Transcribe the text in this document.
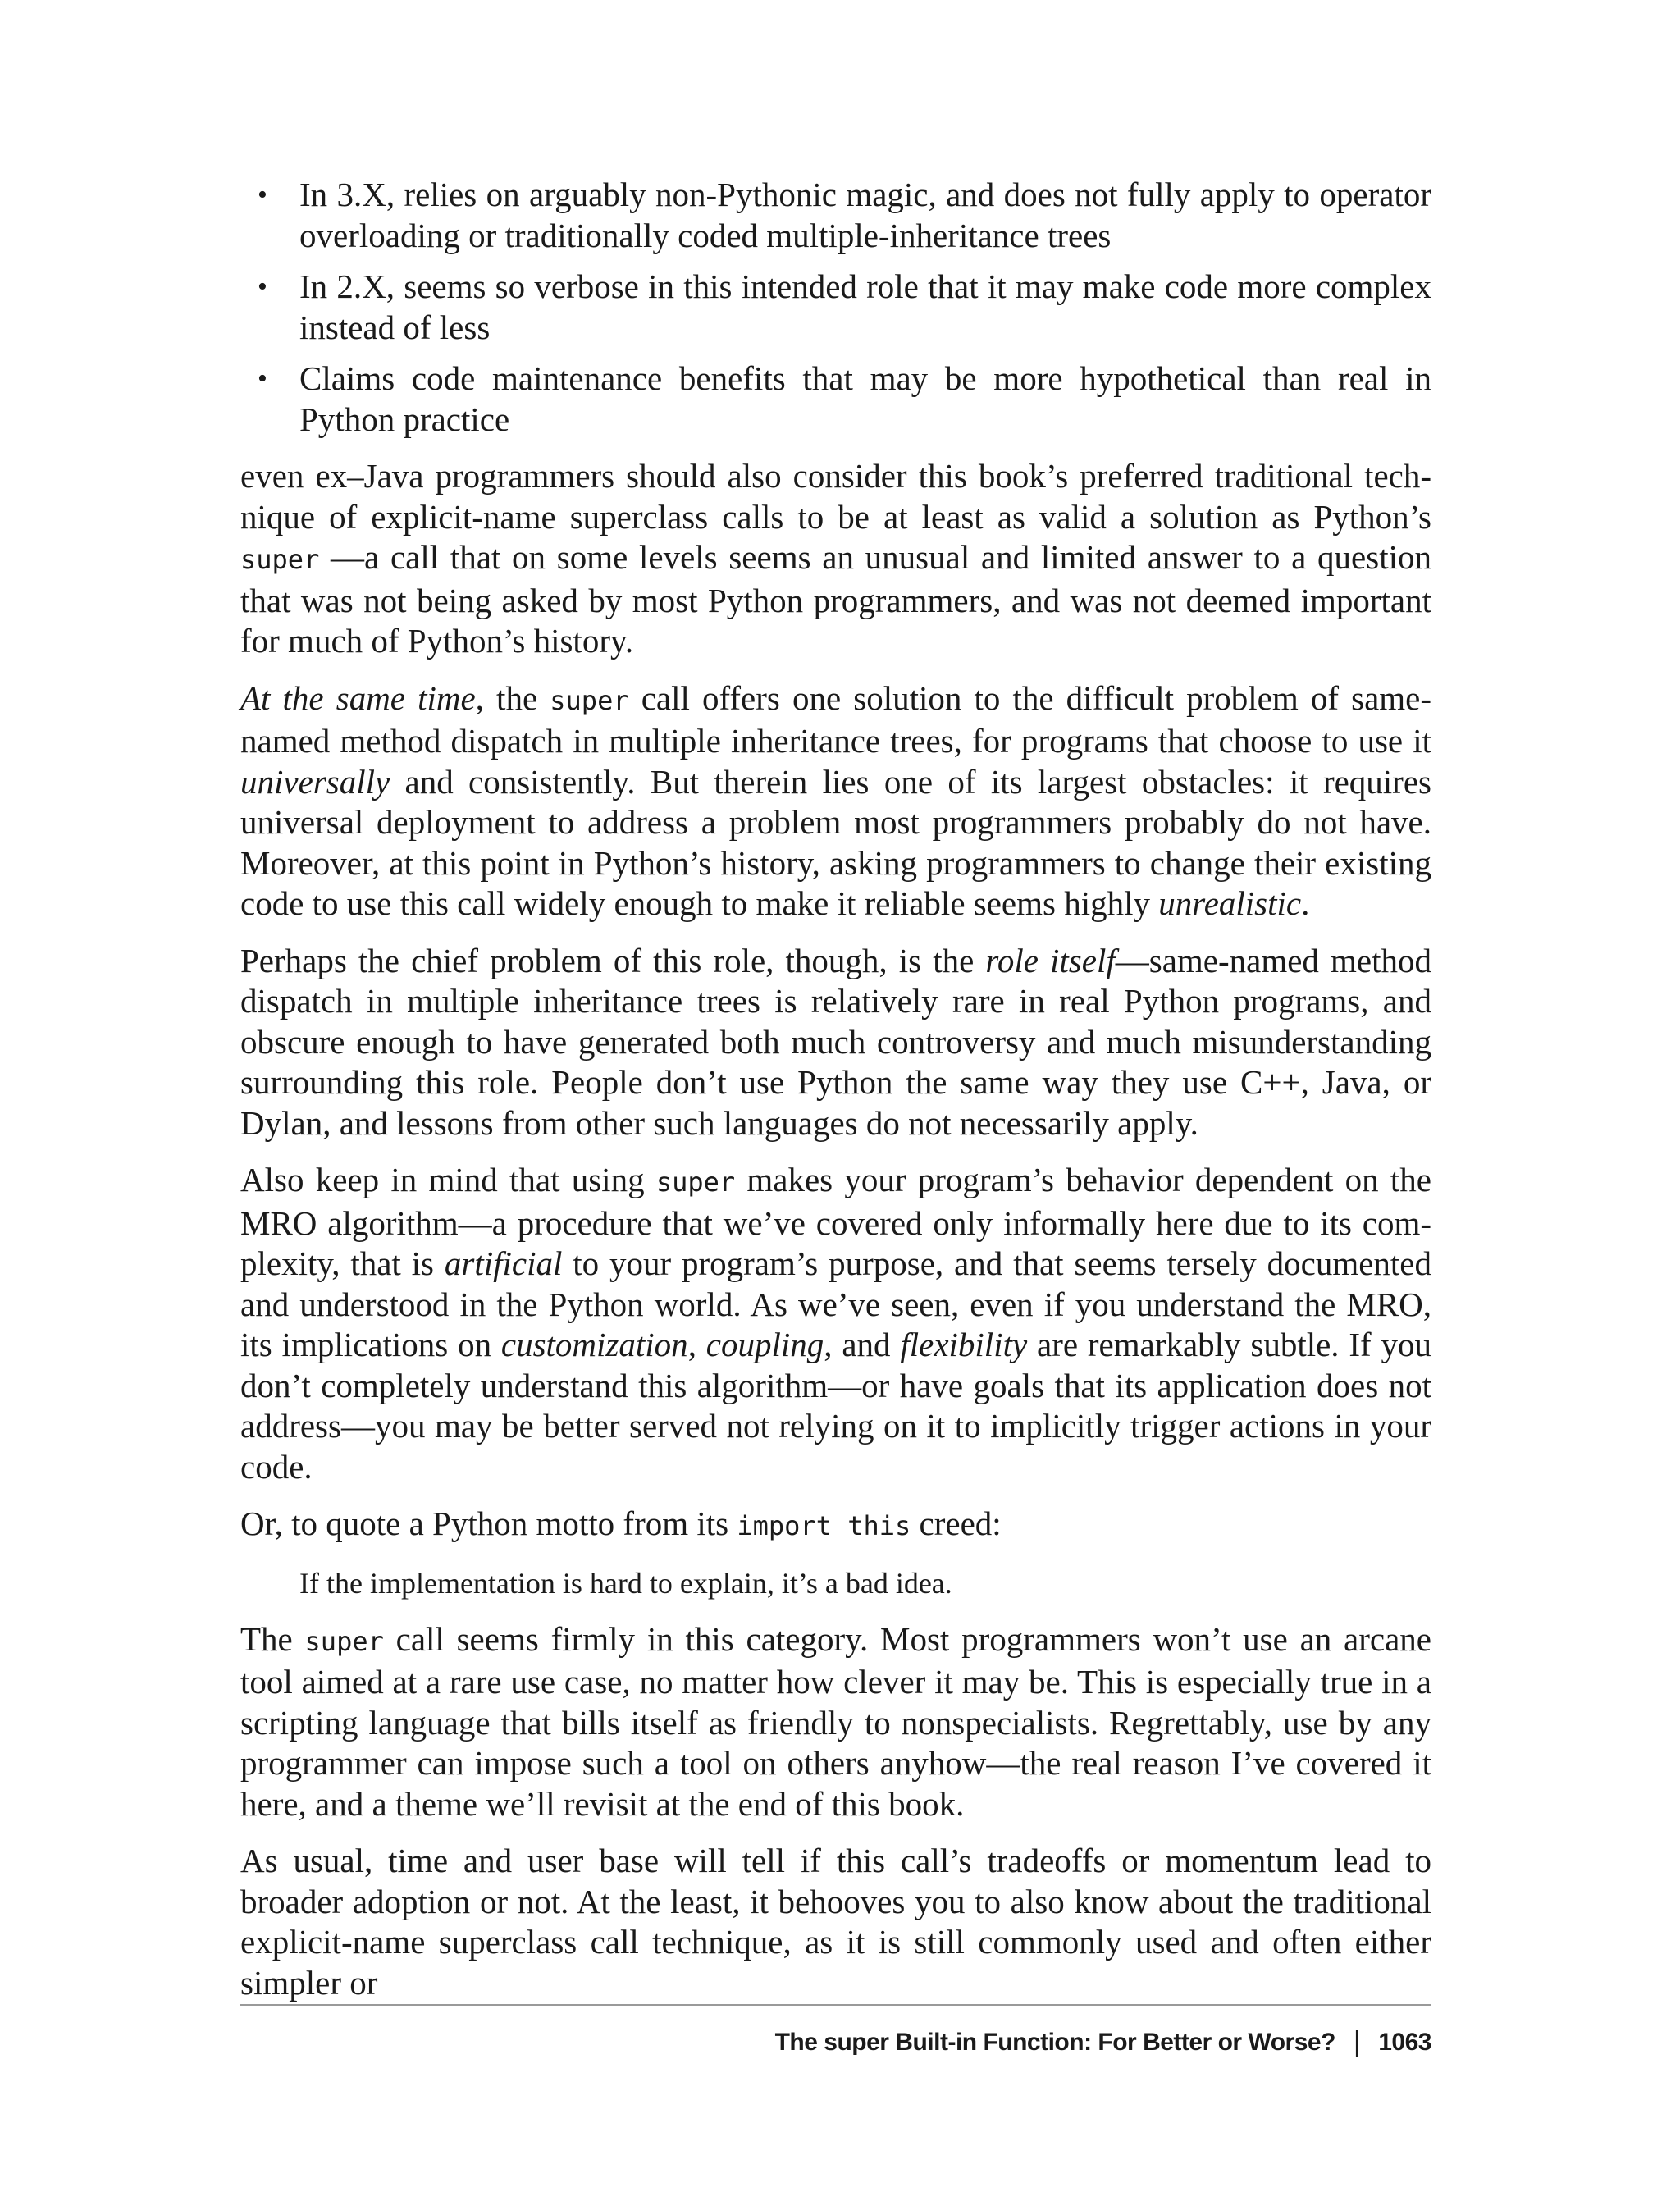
• In 3.X, relies on arguably non-Pythonic magic, and does not fully apply to operator overloading or traditionally coded multiple-inheritance trees
• In 2.X, seems so verbose in this intended role that it may make code more complex instead of less
• Claims code maintenance benefits that may be more hypothetical than real in Python practice

even ex–Java programmers should also consider this book’s preferred traditional technique of explicit-name superclass calls to be at least as valid a solution as Python’s super —a call that on some levels seems an unusual and limited answer to a question that was not being asked by most Python programmers, and was not deemed important for much of Python’s history.

At the same time, the super call offers one solution to the difficult problem of same-named method dispatch in multiple inheritance trees, for programs that choose to use it universally and consistently. But therein lies one of its largest obstacles: it requires universal deployment to address a problem most programmers probably do not have. Moreover, at this point in Python’s history, asking programmers to change their existing code to use this call widely enough to make it reliable seems highly unrealistic.

Perhaps the chief problem of this role, though, is the role itself—same-named method dispatch in multiple inheritance trees is relatively rare in real Python programs, and obscure enough to have generated both much controversy and much misunderstanding surrounding this role. People don’t use Python the same way they use C++, Java, or Dylan, and lessons from other such languages do not necessarily apply.

Also keep in mind that using super makes your program’s behavior dependent on the MRO algorithm—a procedure that we’ve covered only informally here due to its complexity, that is artificial to your program’s purpose, and that seems tersely documented and understood in the Python world. As we’ve seen, even if you understand the MRO, its implications on customization, coupling, and flexibility are remarkably subtle. If you don’t completely understand this algorithm—or have goals that its application does not address—you may be better served not relying on it to implicitly trigger actions in your code.

Or, to quote a Python motto from its import this creed:

If the implementation is hard to explain, it’s a bad idea.

The super call seems firmly in this category. Most programmers won’t use an arcane tool aimed at a rare use case, no matter how clever it may be. This is especially true in a scripting language that bills itself as friendly to nonspecialists. Regrettably, use by any programmer can impose such a tool on others anyhow—the real reason I’ve covered it here, and a theme we’ll revisit at the end of this book.

As usual, time and user base will tell if this call’s tradeoffs or momentum lead to broader adoption or not. At the least, it behooves you to also know about the traditional explicit-name superclass call technique, as it is still commonly used and often either simpler or

The super Built-in Function: For Better or Worse? | 1063
